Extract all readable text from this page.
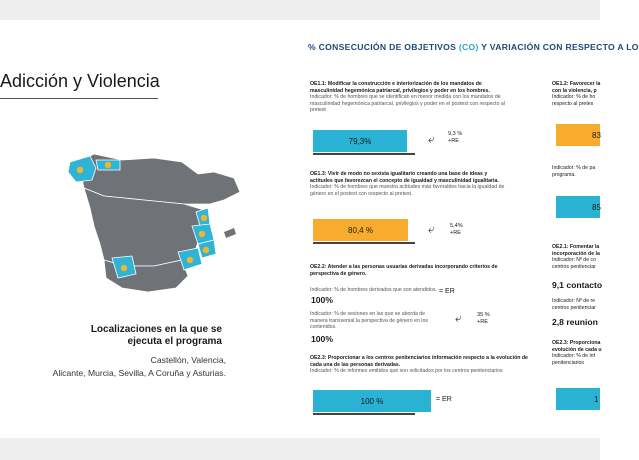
Adicción y Violencia
% CONSECUCIÓN DE OBJETIVOS (CO) Y VARIACIÓN CON RESPECTO A LO
Localizaciones en la que se ejecuta el programa
Castellón, Valencia,
Alicante, Murcia, Sevilla, A Coruña y Asturias.
OE1.1: Modificar la construcción e interiorización de los mandatos de masculinidad hegemónica patriarcal, privilegios y poder en los hombres.
Indicador: % de hombres que se identifican en menor medida con los mandatos de masculinidad hegemónica patriarcal, privilegios y poder en el postest con respecto al pretest
79,3%	⤶ 9,3 %
+RE
OE1.3: Vivir de modo no sexista igualitario creando una base de ideas y actitudes que favorezcan el concepto de igualdad y masculinidad igualitaria.
Indicador: % de hombres que muestra actitudes más favorables hacia la igualdad de género en el postest con respecto al pretest.
80,4 %	⤶	5,4%
+RE
OE2.2: Atender a las personas usuarias derivadas incorporando criterios de perspectiva de género.
Indicador: % de hombres derivados que son atendidos.
100%
= ER
Indicador: % de sesiones en las que se aborda de manera transversal la perspectiva de género en los contenidos.
100%
⤶	35 %
+RE
OE2.3: Proporcionar a los centros penitenciarios información respecto a la evolución de cada una de las personas derivadas.
Indicador: % de informes emitidos que son solicitados por los centros penitenciarios
100 %	= ER
OE1.2: Favorecer la
con la violencia, p
Indicador: % de ho
respecto al pretes
83
Indicador: % de pa
programa.
85
OE2.1: Fomentar la
incorporación de la
Indicador: Nº de co
centros penitenciar
9,1 contacto
Indicador: Nº de re
centros penitenciar
2,8 reunion
OE2.3: Proporciona
evolución de cada u
Indicador: % de inf
penitenciarios
1
